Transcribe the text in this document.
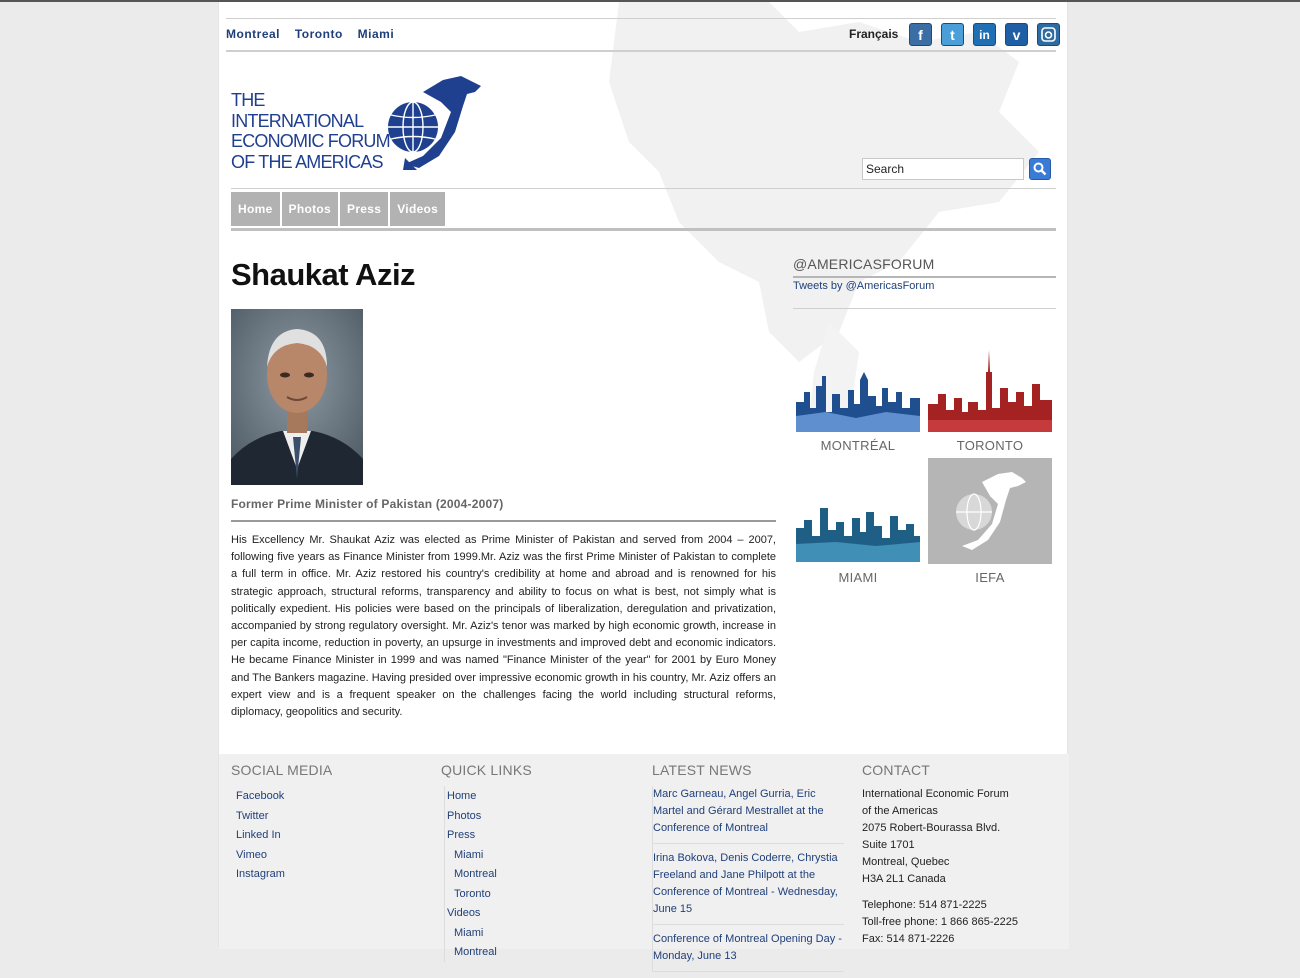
Montreal Toronto Miami	Français	f	t	in	v
THE
INTERNATIONAL
ECONOMIC FORUM
OF THE AMERICAS
Search
Home	Photos	Press	Videos
Shaukat Aziz
Former Prime Minister of Pakistan (2004-2007)

His Excellency Mr. Shaukat Aziz was elected as Prime Minister of Pakistan and served from 2004 – 2007, following five years as Finance Minister from 1999.Mr. Aziz was the first Prime Minister of Pakistan to complete a full term in office. Mr. Aziz restored his country's credibility at home and abroad and is renowned for his strategic approach, structural reforms, transparency and ability to focus on what is best, not simply what is politically expedient. His policies were based on the principals of liberalization, deregulation and privatization, accompanied by strong regulatory oversight. Mr. Aziz's tenor was marked by high economic growth, increase in per capita income, reduction in poverty, an upsurge in investments and improved debt and economic indicators. He became Finance Minister in 1999 and was named "Finance Minister of the year" for 2001 by Euro Money and The Bankers magazine. Having presided over impressive economic growth in his country, Mr. Aziz offers an expert view and is a frequent speaker on the challenges facing the world including structural reforms, diplomacy, geopolitics and security.

@AMERICASFORUM
Tweets by @AmericasForum
MONTRÉAL	TORONTO
MIAMI	IEFA
SOCIAL MEDIA
Facebook
Twitter
Linked In
Vimeo
Instagram
QUICK LINKS
Home
Photos
Press
Miami
Montreal
Toronto
Videos
Miami
Montreal
LATEST NEWS
Marc Garneau, Angel Gurria, Eric Martel and Gérard Mestrallet at the Conference of Montreal
Irina Bokova, Denis Coderre, Chrystia Freeland and Jane Philpott at the Conference of Montreal - Wednesday, June 15
Conference of Montreal Opening Day - Monday, June 13
CONTACT
International Economic Forum
of the Americas
2075 Robert-Bourassa Blvd.
Suite 1701
Montreal, Quebec
H3A 2L1 Canada
Telephone: 514 871-2225
Toll-free phone: 1 866 865-2225
Fax: 514 871-2226
